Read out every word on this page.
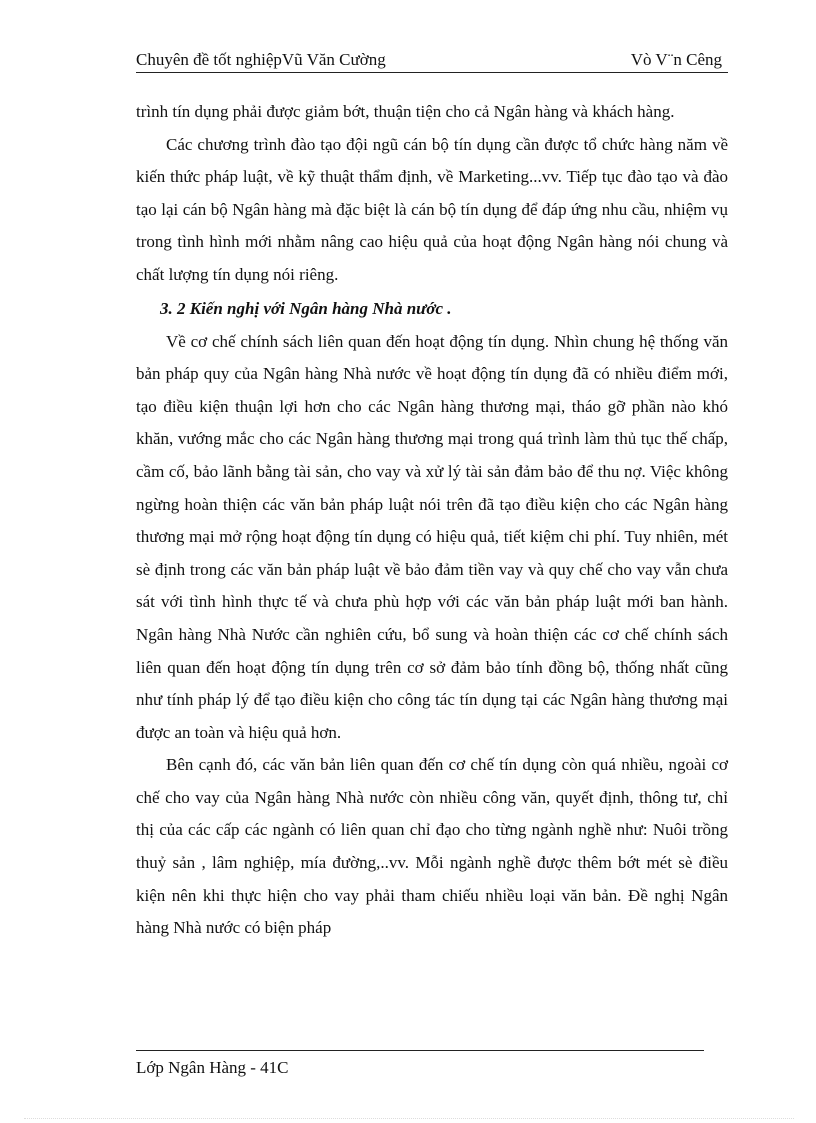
Chuyên đề tốt nghiệpVũ Văn Cường	Vò V¨n Cêng

trình tín dụng phải được giảm bớt, thuận tiện cho cả Ngân hàng và khách hàng.

Các chương trình đào tạo đội ngũ cán bộ tín dụng cần được tổ chức hàng năm về kiến thức pháp luật, về kỹ thuật thẩm định, về Marketing...vv. Tiếp tục đào tạo và đào tạo lại cán bộ Ngân hàng mà đặc biệt là cán bộ tín dụng để đáp ứng nhu cầu, nhiệm vụ trong tình hình mới nhằm nâng cao hiệu quả của hoạt động Ngân hàng nói chung và chất lượng tín dụng nói riêng.

3. 2 Kiến nghị với Ngân hàng Nhà nước .

Về cơ chế chính sách liên quan đến hoạt động tín dụng. Nhìn chung hệ thống văn bản pháp quy của Ngân hàng Nhà nước về hoạt động tín dụng đã có nhiều điểm mới, tạo điều kiện thuận lợi hơn cho các Ngân hàng thương mại, tháo gỡ phần nào khó khăn, vướng mắc cho các Ngân hàng thương mại trong quá trình làm thủ tục thế chấp, cầm cố, bảo lãnh bằng tài sản, cho vay và xử lý tài sản đảm bảo để thu nợ. Việc không ngừng hoàn thiện các văn bản pháp luật nói trên đã tạo điều kiện cho các Ngân hàng thương mại mở rộng hoạt động tín dụng có hiệu quả, tiết kiệm chi phí. Tuy nhiên, mét sè định trong các văn bản pháp luật về bảo đảm tiền vay và quy chế cho vay vẫn chưa sát với tình hình thực tế và chưa phù hợp với các văn bản pháp luật mới ban hành. Ngân hàng Nhà Nước cần nghiên cứu, bổ sung và hoàn thiện các cơ chế chính sách liên quan đến hoạt động tín dụng trên cơ sở đảm bảo tính đồng bộ, thống nhất cũng như tính pháp lý để tạo điều kiện cho công tác tín dụng tại các Ngân hàng thương mại được an toàn và hiệu quả hơn.

Bên cạnh đó, các văn bản liên quan đến cơ chế tín dụng còn quá nhiều, ngoài cơ chế cho vay của Ngân hàng Nhà nước còn nhiều công văn, quyết định, thông tư, chỉ thị của các cấp các ngành có liên quan chỉ đạo cho từng ngành nghề như: Nuôi trồng thuỷ sản , lâm nghiệp, mía đường,..vv. Mỗi ngành nghề được thêm bớt mét sè điều kiện nên khi thực hiện cho vay phải tham chiếu nhiều loại văn bản. Đề nghị Ngân hàng Nhà nước có biện pháp

Lớp Ngân Hàng - 41C
